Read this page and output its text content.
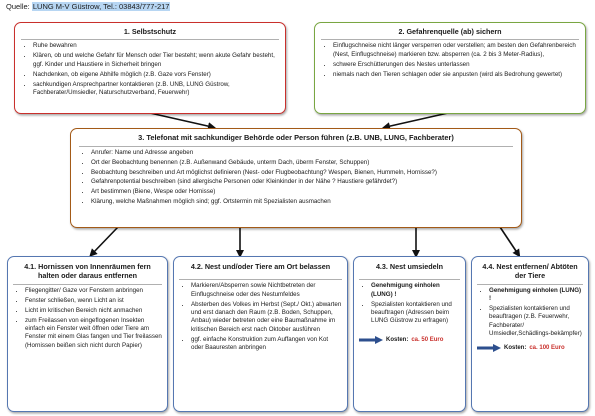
Quelle: LUNG M-V Güstrow, Tel.: 03843/777-217
1. Selbstschutz
• Ruhe bewahren
• Klären, ob und welche Gefahr für Mensch oder Tier besteht; wenn akute Gefahr besteht, ggf. Kinder und Haustiere in Sicherheit bringen
• Nachdenken, ob eigene Abhilfe möglich (z.B. Gaze vors Fenster)
• sachkundigen Ansprechpartner kontaktieren (z.B. UNB, LUNG Güstrow, Fachberater/Umsiedler, Naturschutzverband, Feuerwehr)
2. Gefahrenquelle (ab) sichern
• Einflugschneise nicht länger versperren oder verstellen; am besten den Gefahrenbereich (Nest, Einflugschneise) markieren bzw. absperren (ca. 2 bis 3 Meter-Radius),
• schwere Erschütterungen des Nestes unterlassen
• niemals nach den Tieren schlagen oder sie anpusten (wird als Bedrohung gewertet)
3. Telefonat mit sachkundiger Behörde oder Person führen (z.B. UNB, LUNG, Fachberater)
• Anrufer: Name und Adresse angeben
• Ort der Beobachtung benennen (z.B. Außenwand Gebäude, unterm Dach, überm Fenster, Schuppen)
• Beobachtung beschreiben und Art möglichst definieren (Nest- oder Flugbeobachtung? Wespen, Bienen, Hummeln, Hornisse?)
• Gefahrenpotential beschreiben (sind allergische Personen oder Kleinkinder in der Nähe ? Haustiere gefährdet?)
• Art bestimmen (Biene, Wespe oder Hornisse)
• Klärung, welche Maßnahmen möglich sind; ggf. Ortstermin mit Spezialisten ausmachen
4.1. Hornissen von Innenräumen fern halten oder daraus entfernen
• Fliegengitter/ Gaze vor Fenstern anbringen
• Fenster schließen, wenn Licht an ist
• Licht im kritischen Bereich nicht anmachen
• zum Freilassen von eingeflogenen Insekten einfach ein Fenster weit öffnen oder Tiere am Fenster mit einem Glas fangen und Tier freilassen (Hornissen beißen sich nicht durch Papier)
4.2. Nest und/oder Tiere am Ort belassen
• Markieren/Absperren sowie Nichtbetreten der Einflugschneise oder des Nestumfeldes
• Absterben des Volkes im Herbst (Sept./ Okt.) abwarten und erst danach den Raum (z.B. Boden, Schuppen, Anbau) wieder betreten oder eine Baumaßnahme im kritischen Bereich erst nach Oktober ausführen
• ggf. einfache Konstruktion zum Auffangen von Kot oder Baauresten anbringen
4.3. Nest umsiedeln
• Genehmigung einholen (LUNG) !
• Spezialisten kontaktieren und beauftragen (Adressen beim LUNG Güstrow zu erfragen)
Kosten: ca. 50 Euro
4.4. Nest entfernen/ Abtöten der Tiere
• Genehmigung einholen (LUNG) !
• Spezialisten kontaktieren und beauftragen (z.B. Feuerwehr, Fachberater/ Umsiedler,Schädlings-bekämpfer)
Kosten: ca. 100 Euro
